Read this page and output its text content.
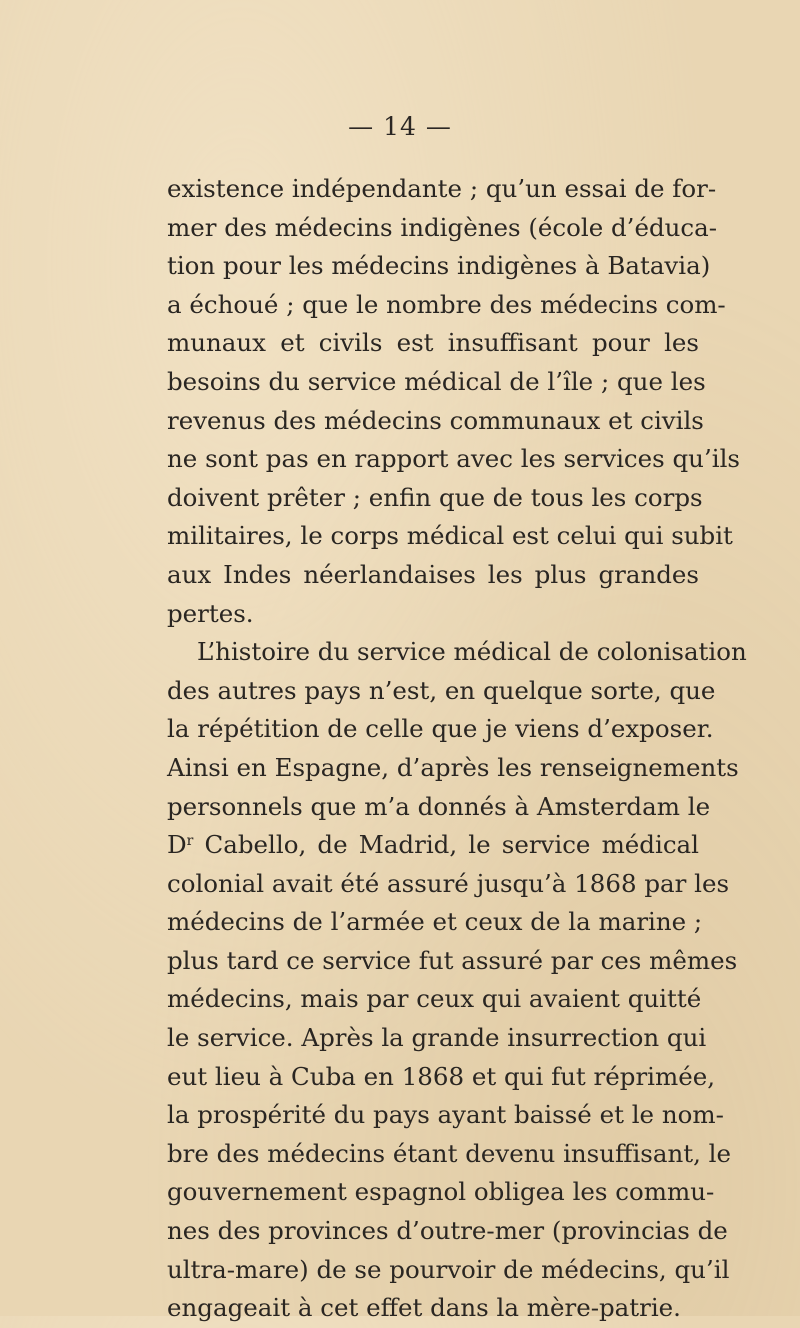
— 14 —
existence indépendante ; qu’un essai de for-
mer des médecins indigènes (école d’éduca-
tion pour les médecins indigènes à Batavia)
a échoué ; que le nombre des médecins com-
munaux et civils est insuffisant pour les
besoins du service médical de l’île ; que les
revenus des médecins communaux et civils
ne sont pas en rapport avec les services qu’ils
doivent prêter ; enfin que de tous les corps
militaires, le corps médical est celui qui subit
aux Indes néerlandaises les plus grandes
pertes.
L’histoire du service médical de colonisation
des autres pays n’est, en quelque sorte, que
la répétition de celle que je viens d’exposer.
Ainsi en Espagne, d’après les renseignements
personnels que m’a donnés à Amsterdam le
$D^r$ Cabello, de Madrid, le service médical
colonial avait été assuré jusqu’à 1868 par les
médecins de l’armée et ceux de la marine ;
plus tard ce service fut assuré par ces mêmes
médecins, mais par ceux qui avaient quitté
le service. Après la grande insurrection qui
eut lieu à Cuba en 1868 et qui fut réprimée,
la prospérité du pays ayant baissé et le nom-
bre des médecins étant devenu insuffisant, le
gouvernement espagnol obligea les commu-
nes des provinces d’outre-mer (provincias de
ultra-mare) de se pourvoir de médecins, qu’il
engageait à cet effet dans la mère-patrie.
